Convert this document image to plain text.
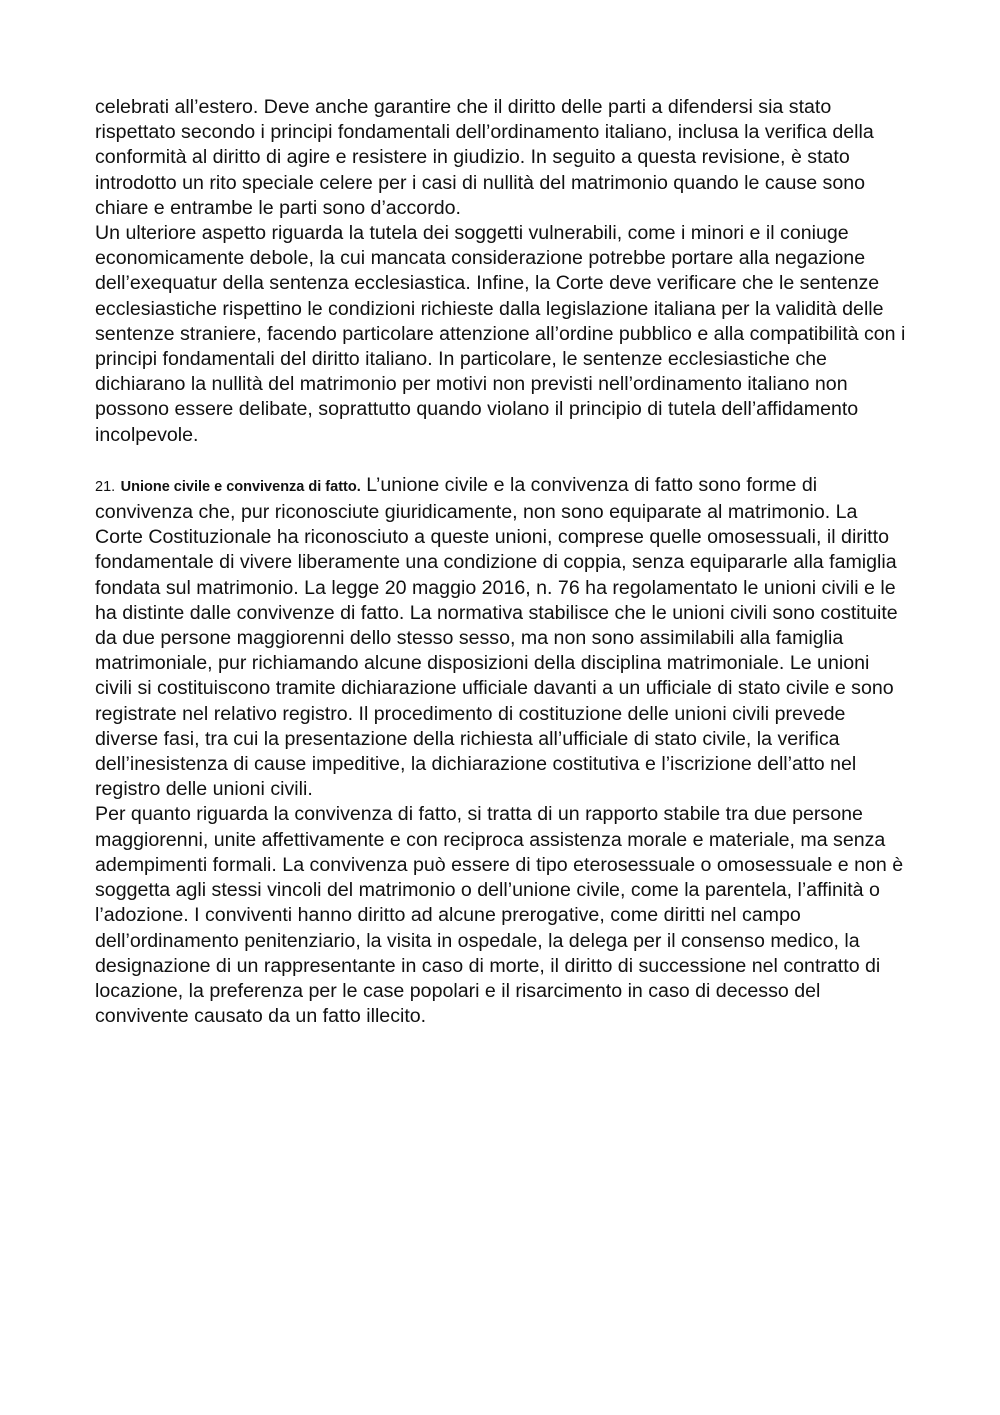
celebrati all’estero. Deve anche garantire che il diritto delle parti a difendersi sia stato rispettato secondo i principi fondamentali dell’ordinamento italiano, inclusa la verifica della conformità al diritto di agire e resistere in giudizio. In seguito a questa revisione, è stato introdotto un rito speciale celere per i casi di nullità del matrimonio quando le cause sono chiare e entrambe le parti sono d’accordo.

Un ulteriore aspetto riguarda la tutela dei soggetti vulnerabili, come i minori e il coniuge economicamente debole, la cui mancata considerazione potrebbe portare alla negazione dell’exequatur della sentenza ecclesiastica. Infine, la Corte deve verificare che le sentenze ecclesiastiche rispettino le condizioni richieste dalla legislazione italiana per la validità delle sentenze straniere, facendo particolare attenzione all’ordine pubblico e alla compatibilità con i principi fondamentali del diritto italiano. In particolare, le sentenze ecclesiastiche che dichiarano la nullità del matrimonio per motivi non previsti nell’ordinamento italiano non possono essere delibate, soprattutto quando violano il principio di tutela dell’affidamento incolpevole.

21. Unione civile e convivenza di fatto. L’unione civile e la convivenza di fatto sono forme di convivenza che, pur riconosciute giuridicamente, non sono equiparate al matrimonio. La Corte Costituzionale ha riconosciuto a queste unioni, comprese quelle omosessuali, il diritto fondamentale di vivere liberamente una condizione di coppia, senza equipararle alla famiglia fondata sul matrimonio. La legge 20 maggio 2016, n. 76 ha regolamentato le unioni civili e le ha distinte dalle convivenze di fatto. La normativa stabilisce che le unioni civili sono costituite da due persone maggiorenni dello stesso sesso, ma non sono assimilabili alla famiglia matrimoniale, pur richiamando alcune disposizioni della disciplina matrimoniale. Le unioni civili si costituiscono tramite dichiarazione ufficiale davanti a un ufficiale di stato civile e sono registrate nel relativo registro. Il procedimento di costituzione delle unioni civili prevede diverse fasi, tra cui la presentazione della richiesta all’ufficiale di stato civile, la verifica dell’inesistenza di cause impeditive, la dichiarazione costitutiva e l’iscrizione dell’atto nel registro delle unioni civili.

Per quanto riguarda la convivenza di fatto, si tratta di un rapporto stabile tra due persone maggiorenni, unite affettivamente e con reciproca assistenza morale e materiale, ma senza adempimenti formali. La convivenza può essere di tipo eterosessuale o omosessuale e non è soggetta agli stessi vincoli del matrimonio o dell’unione civile, come la parentela, l’affinità o l’adozione. I conviventi hanno diritto ad alcune prerogative, come diritti nel campo dell’ordinamento penitenziario, la visita in ospedale, la delega per il consenso medico, la designazione di un rappresentante in caso di morte, il diritto di successione nel contratto di locazione, la preferenza per le case popolari e il risarcimento in caso di decesso del convivente causato da un fatto illecito.
